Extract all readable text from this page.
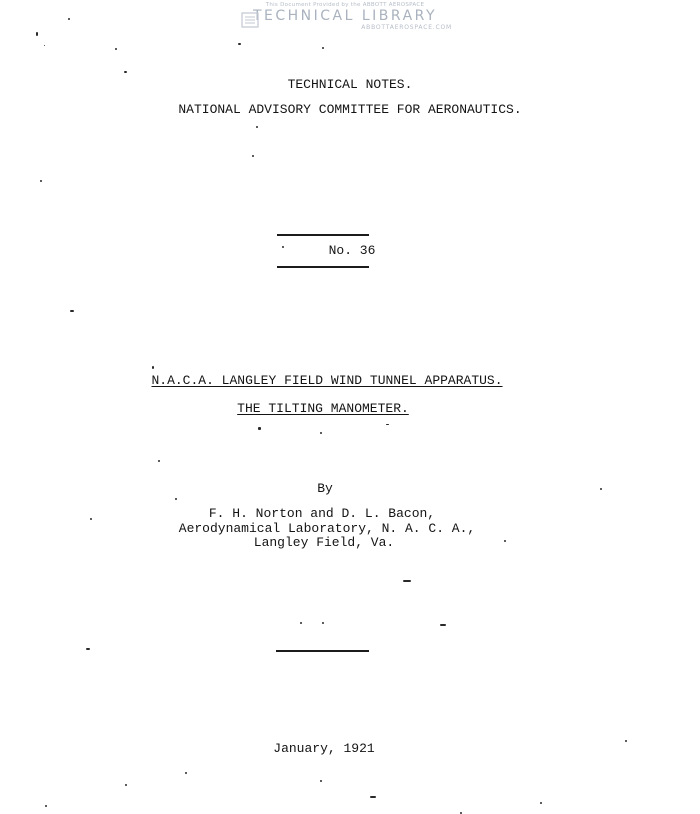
This Document Provided by the ABBOTT AEROSPACE
TECHNICAL LIBRARY
ABBOTTAEROSPACE.COM
TECHNICAL NOTES.
NATIONAL ADVISORY COMMITTEE FOR AERONAUTICS.
No. 36
N.A.C.A. LANGLEY FIELD WIND TUNNEL APPARATUS.
THE TILTING MANOMETER.
By
F. H. Norton and D. L. Bacon,
Aerodynamical Laboratory, N. A. C. A.,
Langley Field, Va.
January, 1921
